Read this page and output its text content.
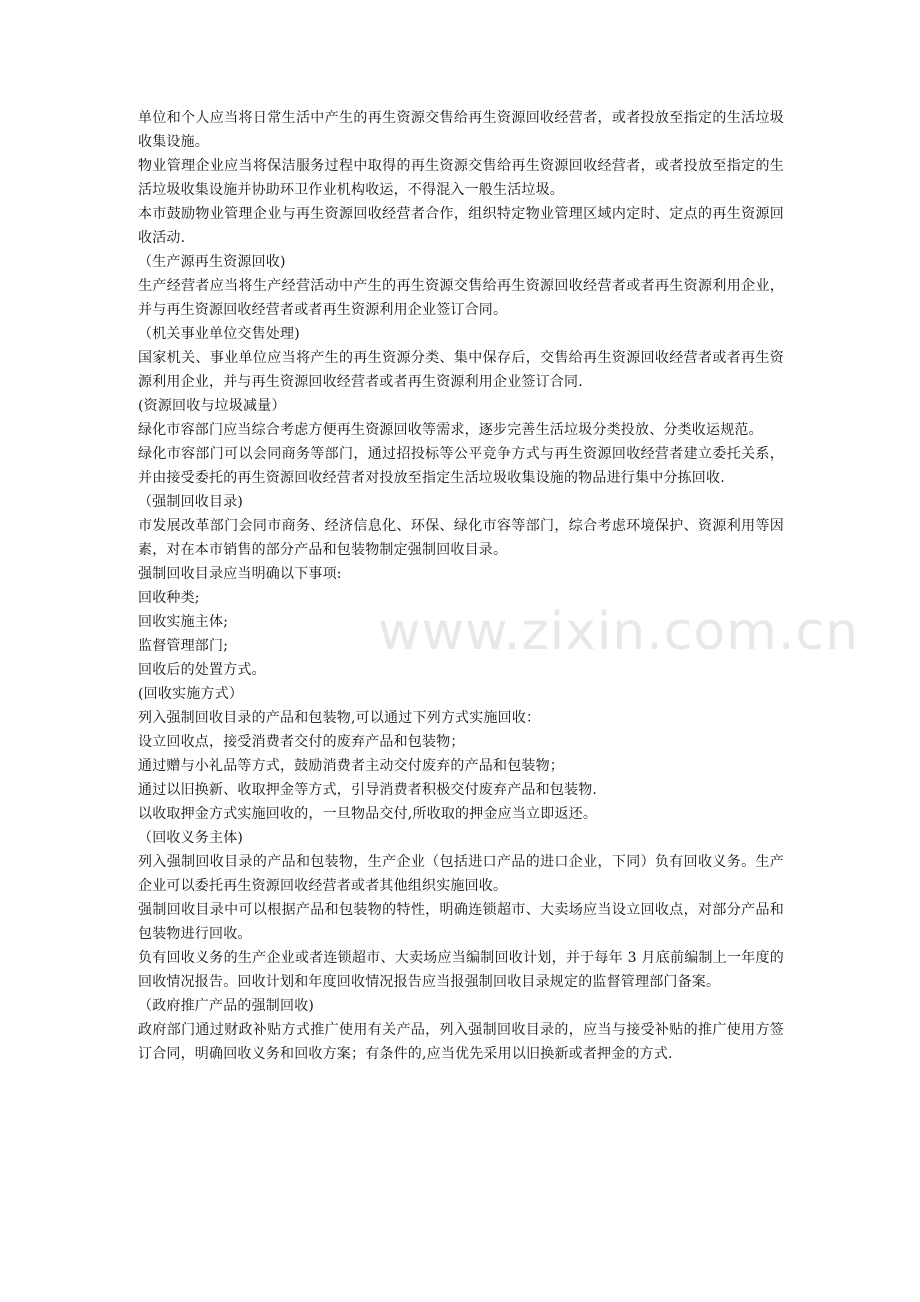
单位和个人应当将日常生活中产生的再生资源交售给再生资源回收经营者，或者投放至指定的生活垃圾收集设施。

物业管理企业应当将保洁服务过程中取得的再生资源交售给再生资源回收经营者，或者投放至指定的生活垃圾收集设施并协助环卫作业机构收运，不得混入一般生活垃圾。

本市鼓励物业管理企业与再生资源回收经营者合作，组织特定物业管理区域内定时、定点的再生资源回收活动.

（生产源再生资源回收)

生产经营者应当将生产经营活动中产生的再生资源交售给再生资源回收经营者或者再生资源利用企业，并与再生资源回收经营者或者再生资源利用企业签订合同。

（机关事业单位交售处理)

国家机关、事业单位应当将产生的再生资源分类、集中保存后，交售给再生资源回收经营者或者再生资源利用企业，并与再生资源回收经营者或者再生资源利用企业签订合同.

(资源回收与垃圾减量）

绿化市容部门应当综合考虑方便再生资源回收等需求，逐步完善生活垃圾分类投放、分类收运规范。

绿化市容部门可以会同商务等部门，通过招投标等公平竞争方式与再生资源回收经营者建立委托关系，并由接受委托的再生资源回收经营者对投放至指定生活垃圾收集设施的物品进行集中分拣回收.

（强制回收目录)

市发展改革部门会同市商务、经济信息化、环保、绿化市容等部门，综合考虑环境保护、资源利用等因素，对在本市销售的部分产品和包装物制定强制回收目录。

强制回收目录应当明确以下事项:

回收种类;

回收实施主体;

监督管理部门;

回收后的处置方式。

(回收实施方式）

列入强制回收目录的产品和包装物,可以通过下列方式实施回收：

设立回收点，接受消费者交付的废弃产品和包装物；

通过赠与小礼品等方式，鼓励消费者主动交付废弃的产品和包装物；

通过以旧换新、收取押金等方式，引导消费者积极交付废弃产品和包装物.

以收取押金方式实施回收的，一旦物品交付,所收取的押金应当立即返还。

（回收义务主体)

列入强制回收目录的产品和包装物，生产企业（包括进口产品的进口企业，下同）负有回收义务。生产企业可以委托再生资源回收经营者或者其他组织实施回收。

强制回收目录中可以根据产品和包装物的特性，明确连锁超市、大卖场应当设立回收点，对部分产品和包装物进行回收。

负有回收义务的生产企业或者连锁超市、大卖场应当编制回收计划，并于每年 3 月底前编制上一年度的回收情况报告。回收计划和年度回收情况报告应当报强制回收目录规定的监督管理部门备案。

（政府推广产品的强制回收)

政府部门通过财政补贴方式推广使用有关产品，列入强制回收目录的，应当与接受补贴的推广使用方签订合同，明确回收义务和回收方案；有条件的,应当优先采用以旧换新或者押金的方式.

www.zixin.com.cn
